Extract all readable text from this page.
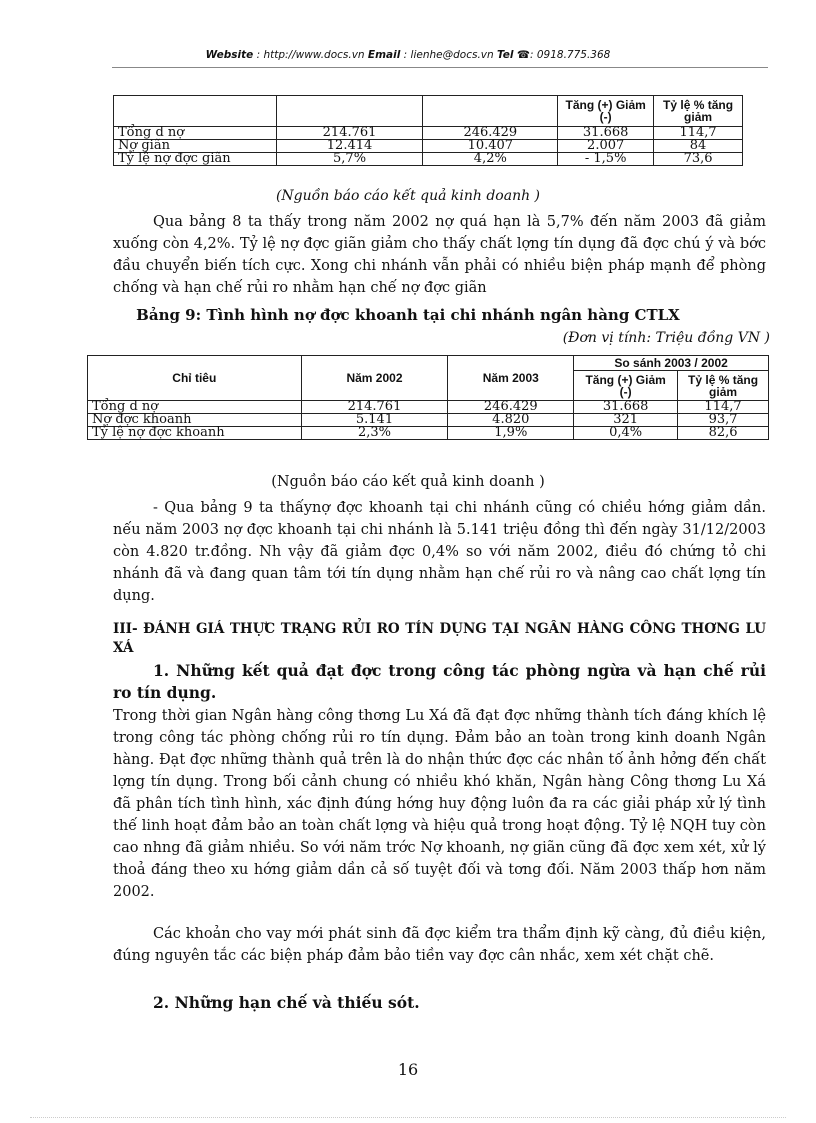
Website : http://www.docs.vn Email : lienhe@docs.vn Tel ☎: 0918.775.368
			Tăng (+) Giảm (-)	Tỷ lệ % tăng giảm
Tổng d nợ	214.761	246.429	31.668	114,7
Nợ giãn	12.414	10.407	2.007	84
Tỷ lệ nợ đợc giãn	5,7%	4,2%	- 1,5%	73,6
(Nguồn báo cáo kết quả kinh doanh )
Qua bảng 8 ta thấy trong năm 2002 nợ quá hạn là 5,7% đến năm 2003 đã giảm xuống còn 4,2%. Tỷ lệ nợ đợc giãn giảm cho thấy chất lợng tín dụng đã đợc chú ý và bớc đầu chuyển biến tích cực. Xong chi nhánh vẫn phải có nhiều biện pháp mạnh để phòng chống và hạn chế rủi ro nhằm hạn chế nợ đợc giãn
Bảng 9: Tình hình nợ đợc khoanh tại chi nhánh ngân hàng CTLX
(Đơn vị tính: Triệu đồng VN )
Chỉ tiêu	Năm 2002	Năm 2003	So sánh 2003 / 2002	
			Tăng (+) Giảm (-)	Tỷ lệ % tăng giảm
Tổng d nợ	214.761	246.429	31.668	114,7
Nợ đợc khoanh	5.141	4.820	321	93,7
Tỷ lệ nợ đợc khoanh	2,3%	1,9%	0,4%	82,6
(Nguồn báo cáo kết quả kinh doanh )
- Qua bảng 9 ta thấynợ đợc khoanh tại chi nhánh cũng có chiều hớng giảm dần. nếu năm 2003 nợ đợc khoanh tại chi nhánh là 5.141 triệu đồng thì đến ngày 31/12/2003 còn 4.820 tr.đồng. Nh vậy đã giảm đợc 0,4% so với năm 2002, điều đó chứng tỏ chi nhánh đã và đang quan tâm tới tín dụng nhằm hạn chế rủi ro và nâng cao chất lợng tín dụng.
III- ĐÁNH GIÁ THỰC TRẠNG RỦI RO TÍN DỤNG TẠI NGÂN HÀNG CÔNG THƠNG LU XÁ
1. Những kết quả đạt đợc trong công tác phòng ngừa và hạn chế rủi ro tín dụng.
Trong thời gian Ngân hàng công thơng Lu Xá đã đạt đợc những thành tích đáng khích lệ trong công tác phòng chống rủi ro tín dụng. Đảm bảo an toàn trong kinh doanh Ngân hàng. Đạt đợc những thành quả trên là do nhận thức đợc các nhân tố ảnh hởng đến chất lợng tín dụng. Trong bối cảnh chung có nhiều khó khăn, Ngân hàng Công thơng Lu Xá đã phân tích tình hình, xác định đúng hớng huy động luôn đa ra các giải pháp xử lý tình thế linh hoạt đảm bảo an toàn chất lợng và hiệu quả trong hoạt động. Tỷ lệ NQH tuy còn cao nhng đã giảm nhiều. So với năm trớc Nợ khoanh, nợ giãn cũng đã đợc xem xét, xử lý thoả đáng theo xu hớng giảm dần cả số tuyệt đối và tơng đối. Năm 2003 thấp hơn năm 2002.
Các khoản cho vay mới phát sinh đã đợc kiểm tra thẩm định kỹ càng, đủ điều kiện, đúng nguyên tắc các biện pháp đảm bảo tiền vay đợc cân nhắc, xem xét chặt chẽ.
2. Những hạn chế và thiếu sót.
16
